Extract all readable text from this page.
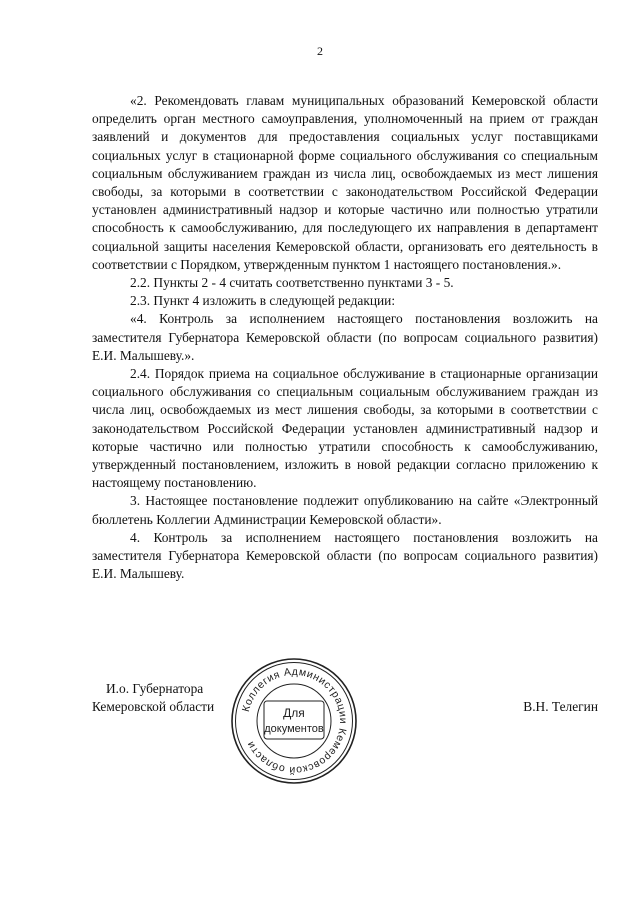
2

«2. Рекомендовать главам муниципальных образований Кемеровской области определить орган местного самоуправления, уполномоченный на прием от граждан заявлений и документов для предоставления социальных услуг поставщиками социальных услуг в стационарной форме социального обслуживания со специальным социальным обслуживанием граждан из числа лиц, освобождаемых из мест лишения свободы, за которыми в соответствии с законодательством Российской Федерации установлен административный надзор и которые частично или полностью утратили способность к самообслуживанию, для последующего их направления в департамент социальной защиты населения Кемеровской области, организовать его деятельность в соответствии с Порядком, утвержденным пунктом 1 настоящего постановления.».

2.2. Пункты 2 - 4 считать соответственно пунктами 3 - 5.

2.3. Пункт 4 изложить в следующей редакции:

«4. Контроль за исполнением настоящего постановления возложить на заместителя Губернатора Кемеровской области (по вопросам социального развития) Е.И. Малышеву.».

2.4. Порядок приема на социальное обслуживание в стационарные организации социального обслуживания со специальным социальным обслуживанием граждан из числа лиц, освобождаемых из мест лишения свободы, за которыми в соответствии с законодательством Российской Федерации установлен административный надзор и которые частично или полностью утратили способность к самообслуживанию, утвержденный постановлением, изложить в новой редакции согласно приложению к настоящему постановлению.

3. Настоящее постановление подлежит опубликованию на сайте «Электронный бюллетень Коллегии Администрации Кемеровской области».

4. Контроль за исполнением настоящего постановления возложить на заместителя Губернатора Кемеровской области (по вопросам социального развития) Е.И. Малышеву.

И.о. Губернатора
Кемеровской области	В.Н. Телегин
Коллегия Администрации Кемеровской области
Для
документов
